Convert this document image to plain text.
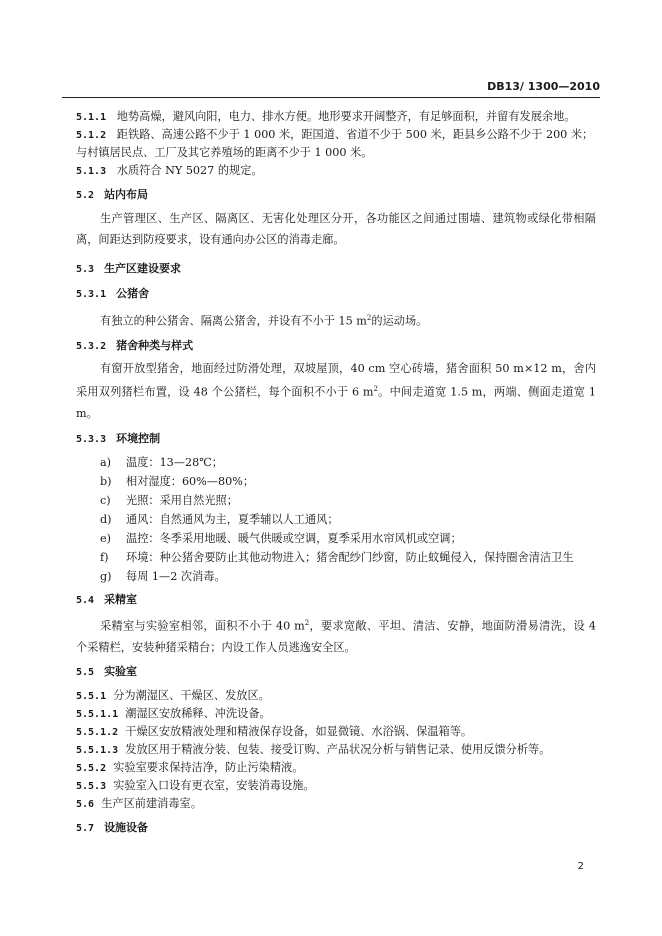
DB13/ 1300—2010
5.1.1 地势高燥，避风向阳，电力、排水方便。地形要求开阔整齐，有足够面积，并留有发展余地。
5.1.2 距铁路、高速公路不少于 1 000 米，距国道、省道不少于 500 米，距县乡公路不少于 200 米；
与村镇居民点、工厂及其它养殖场的距离不少于 1 000 米。
5.1.3 水质符合 NY 5027 的规定。
5.2 站内布局
生产管理区、生产区、隔离区、无害化处理区分开，各功能区之间通过围墙、建筑物或绿化带相隔离，间距达到防疫要求，设有通向办公区的消毒走廊。
5.3 生产区建设要求
5.3.1 公猪舍
有独立的种公猪舍、隔离公猪舍，并设有不小于 15 $m^2$的运动场。
5.3.2 猪舍种类与样式
有窗开放型猪舍，地面经过防滑处理，双坡屋顶，40 cm 空心砖墙，猪舍面积 50 m×12 m，舍内采用双列猪栏布置，设 48 个公猪栏，每个面积不小于 6 $m^2$。中间走道宽 1.5 m，两端、侧面走道宽 1 m。
5.3.3 环境控制
a) 温度：13—28℃；
b) 相对湿度：60%—80%；
c) 光照：采用自然光照；
d) 通风：自然通风为主，夏季辅以人工通风；
e) 温控：冬季采用地暖、暖气供暖或空调，夏季采用水帘风机或空调；
f) 环境：种公猪舍要防止其他动物进入；猪舍配纱门纱窗，防止蚊蝇侵入，保持圈舍清洁卫生
g) 每周 1—2 次消毒。
5.4 采精室
采精室与实验室相邻，面积不小于 40 $m^2$，要求宽敞、平坦、清洁、安静，地面防滑易清洗，设 4 个采精栏，安装种猪采精台；内设工作人员逃逸安全区。
5.5 实验室
5.5.1 分为潮湿区、干燥区、发放区。
5.5.1.1 潮湿区安放稀释、冲洗设备。
5.5.1.2 干燥区安放精液处理和精液保存设备，如显微镜、水浴锅、保温箱等。
5.5.1.3 发放区用于精液分装、包装、接受订购、产品状况分析与销售记录、使用反馈分析等。
5.5.2 实验室要求保持洁净，防止污染精液。
5.5.3 实验室入口设有更衣室，安装消毒设施。
5.6 生产区前建消毒室。
5.7 设施设备
2
